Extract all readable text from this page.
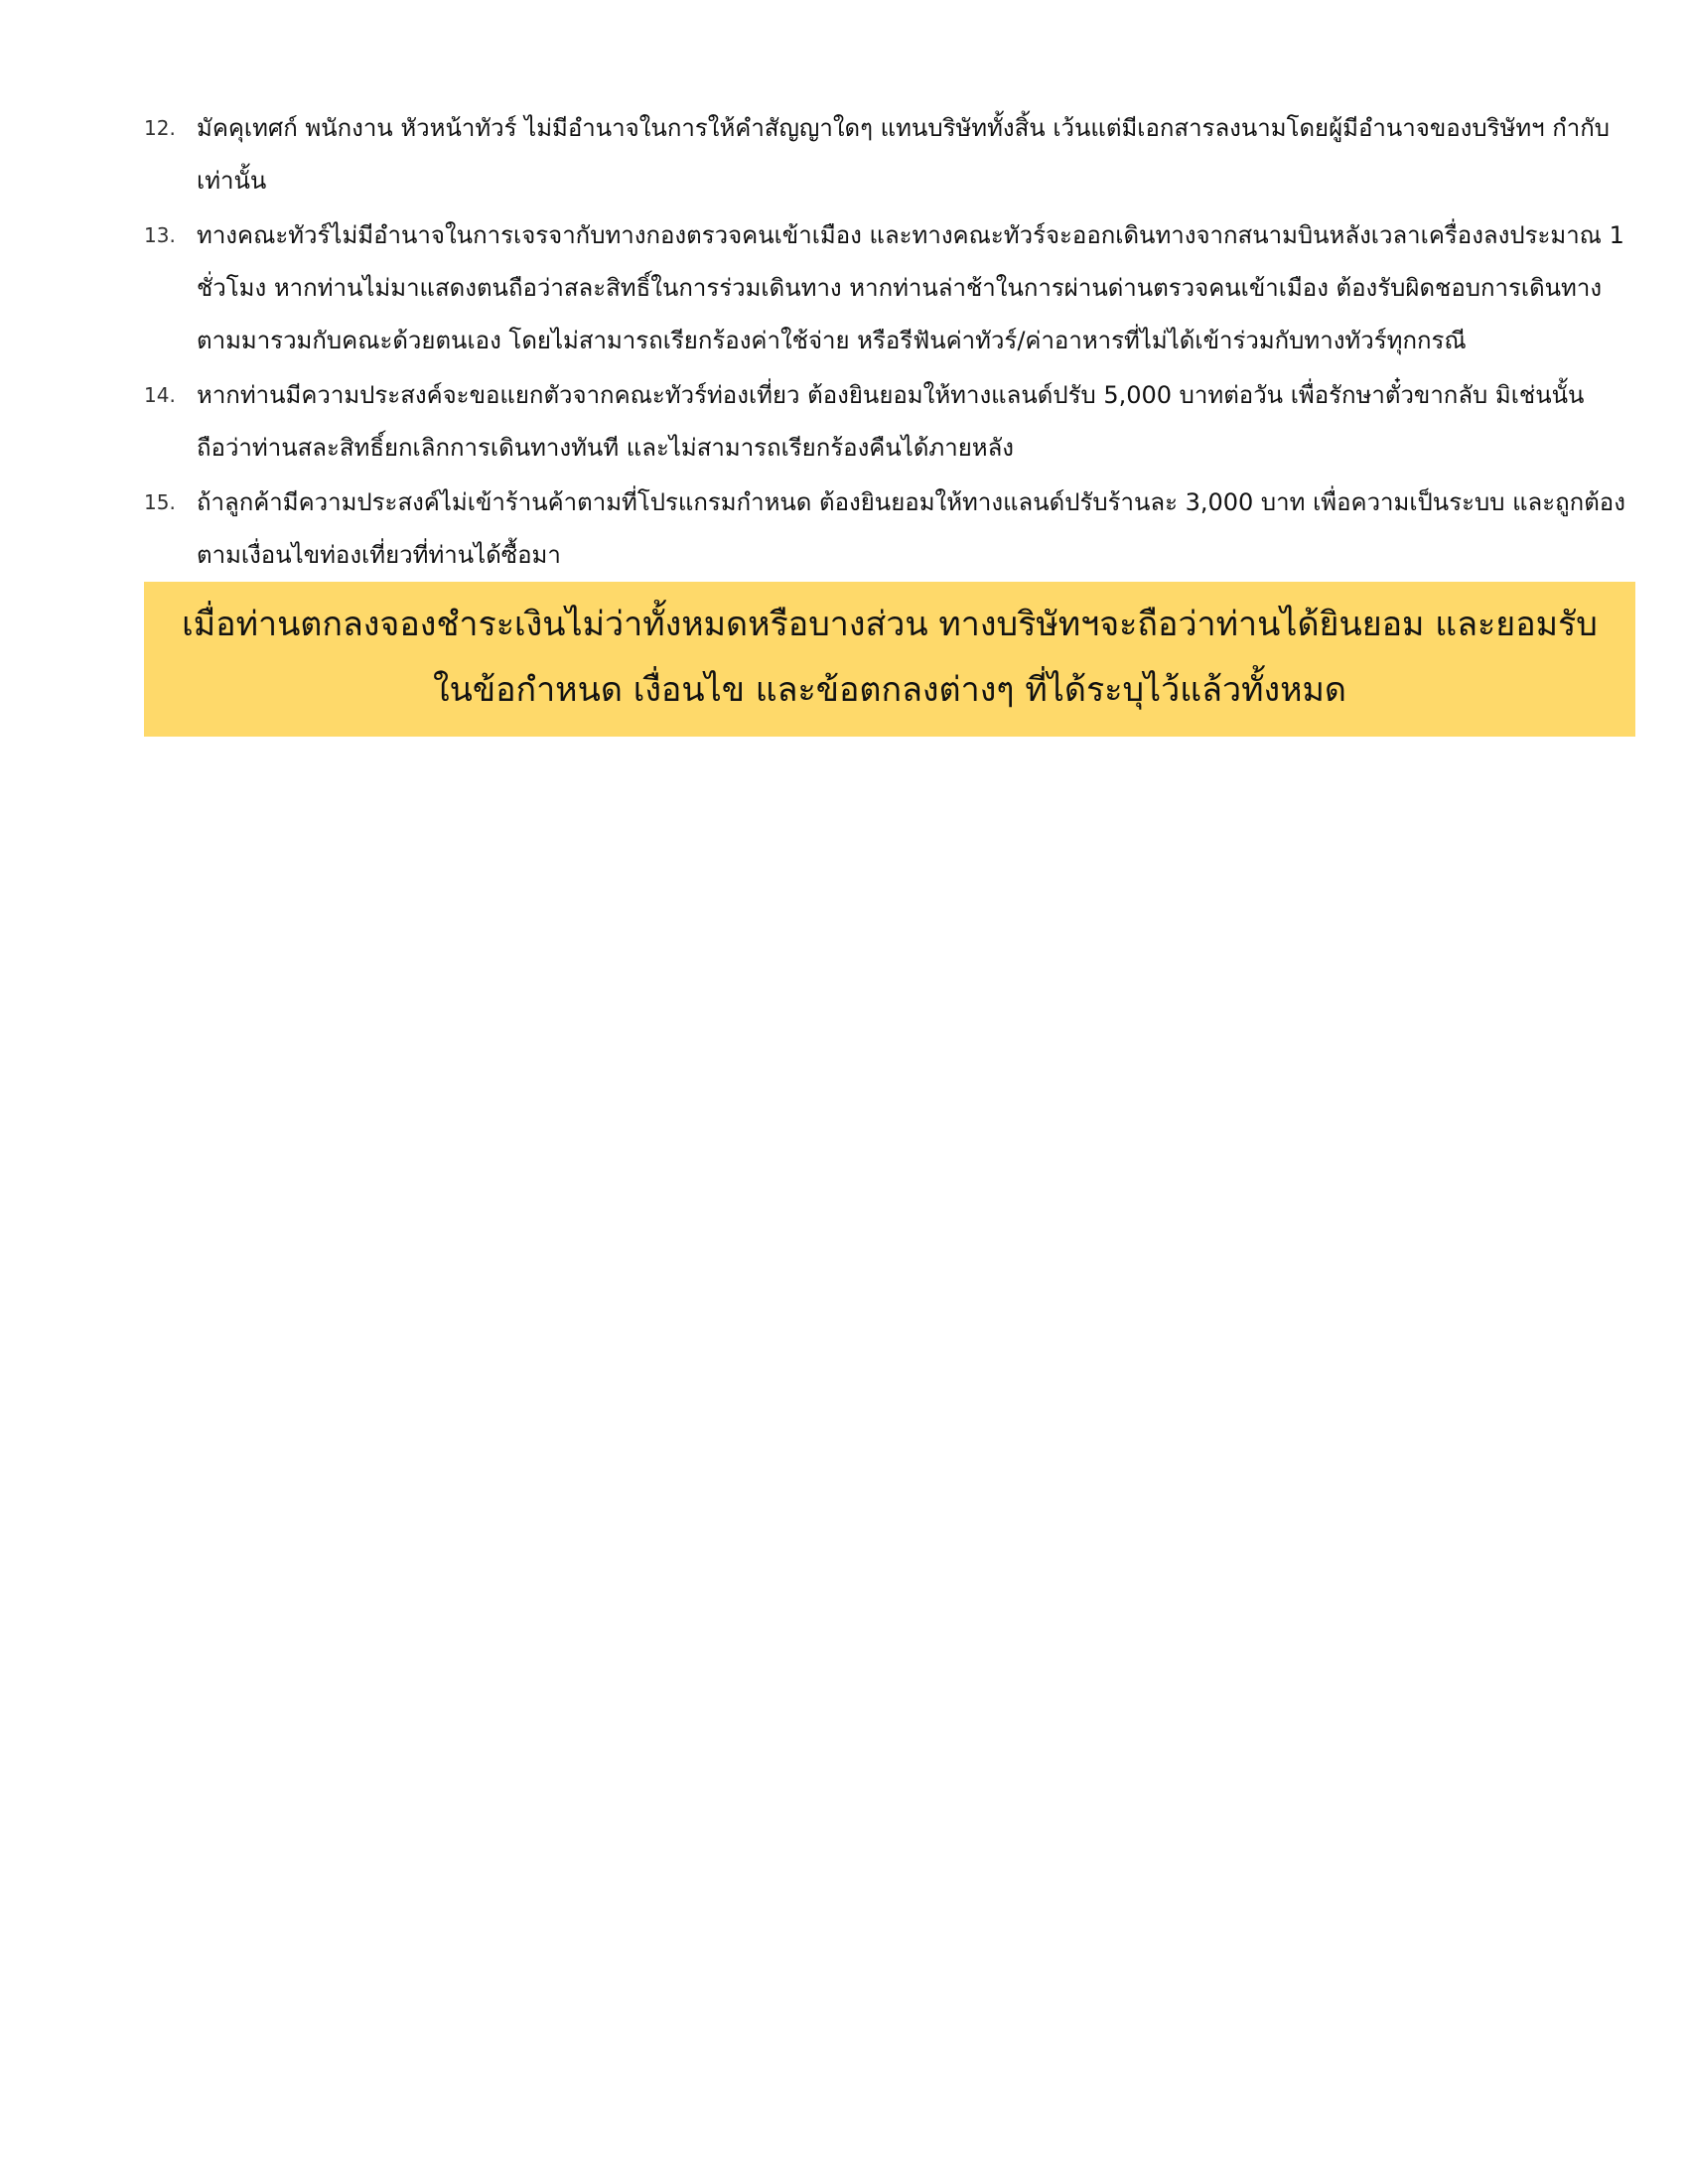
12. มัคคุเทศก์ พนักงาน หัวหน้าทัวร์ ไม่มีอำนาจในการให้คำสัญญาใดๆ แทนบริษัททั้งสิ้น เว้นแต่มีเอกสารลงนามโดยผู้มีอำนาจของบริษัทฯ กำกับเท่านั้น
13. ทางคณะทัวร์ไม่มีอำนาจในการเจรจากับทางกองตรวจคนเข้าเมือง และทางคณะทัวร์จะออกเดินทางจากสนามบินหลังเวลาเครื่องลงประมาณ 1 ชั่วโมง หากท่านไม่มาแสดงตนถือว่าสละสิทธิ์ในการร่วมเดินทาง หากท่านล่าช้าในการผ่านด่านตรวจคนเข้าเมือง ต้องรับผิดชอบการเดินทางตามมารวมกับคณะด้วยตนเอง โดยไม่สามารถเรียกร้องค่าใช้จ่าย หรือรีฟันค่าทัวร์/ค่าอาหารที่ไม่ได้เข้าร่วมกับทางทัวร์ทุกกรณี
14. หากท่านมีความประสงค์จะขอแยกตัวจากคณะทัวร์ท่องเที่ยว ต้องยินยอมให้ทางแลนด์ปรับ 5,000 บาทต่อวัน เพื่อรักษาตั๋วขากลับ มิเช่นนั้นถือว่าท่านสละสิทธิ์ยกเลิกการเดินทางทันที และไม่สามารถเรียกร้องคืนได้ภายหลัง
15. ถ้าลูกค้ามีความประสงค์ไม่เข้าร้านค้าตามที่โปรแกรมกำหนด ต้องยินยอมให้ทางแลนด์ปรับร้านละ 3,000 บาท เพื่อความเป็นระบบ และถูกต้องตามเงื่อนไขท่องเที่ยวที่ท่านได้ซื้อมา
เมื่อท่านตกลงจองชำระเงินไม่ว่าทั้งหมดหรือบางส่วน ทางบริษัทฯจะถือว่าท่านได้ยินยอม และยอมรับ
ในข้อกำหนด เงื่อนไข และข้อตกลงต่างๆ ที่ได้ระบุไว้แล้วทั้งหมด
